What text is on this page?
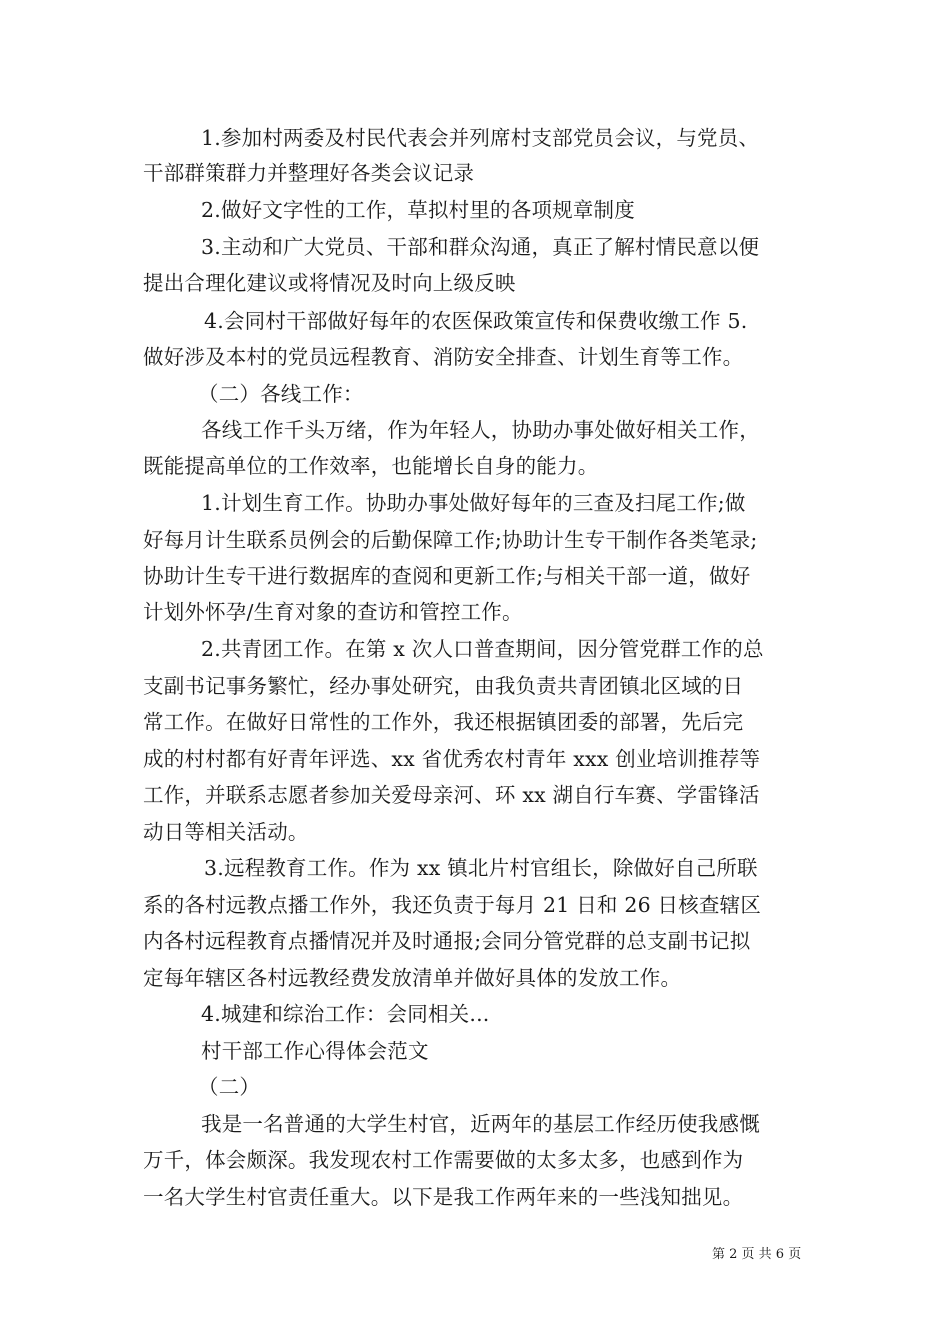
1.参加村两委及村民代表会并列席村支部党员会议，与党员、
干部群策群力并整理好各类会议记录
2.做好文字性的工作，草拟村里的各项规章制度
3.主动和广大党员、干部和群众沟通，真正了解村情民意以便
提出合理化建议或将情况及时向上级反映
4.会同村干部做好每年的农医保政策宣传和保费收缴工作 5.
做好涉及本村的党员远程教育、消防安全排查、计划生育等工作。
（二）各线工作：
各线工作千头万绪，作为年轻人，协助办事处做好相关工作，
既能提高单位的工作效率，也能增长自身的能力。
1.计划生育工作。协助办事处做好每年的三查及扫尾工作;做
好每月计生联系员例会的后勤保障工作;协助计生专干制作各类笔录;
协助计生专干进行数据库的查阅和更新工作;与相关干部一道，做好
计划外怀孕/生育对象的查访和管控工作。
2.共青团工作。在第 x 次人口普查期间，因分管党群工作的总
支副书记事务繁忙，经办事处研究，由我负责共青团镇北区域的日
常工作。在做好日常性的工作外，我还根据镇团委的部署，先后完
成的村村都有好青年评选、xx 省优秀农村青年 xxx 创业培训推荐等
工作，并联系志愿者参加关爱母亲河、环 xx 湖自行车赛、学雷锋活
动日等相关活动。
3.远程教育工作。作为 xx 镇北片村官组长，除做好自己所联
系的各村远教点播工作外，我还负责于每月 21 日和 26 日核查辖区
内各村远程教育点播情况并及时通报;会同分管党群的总支副书记拟
定每年辖区各村远教经费发放清单并做好具体的发放工作。
4.城建和综治工作：会同相关...
村干部工作心得体会范文
（二）
我是一名普通的大学生村官，近两年的基层工作经历使我感慨
万千，体会颇深。我发现农村工作需要做的太多太多，也感到作为
一名大学生村官责任重大。以下是我工作两年来的一些浅知拙见。
第 2 页 共 6 页
